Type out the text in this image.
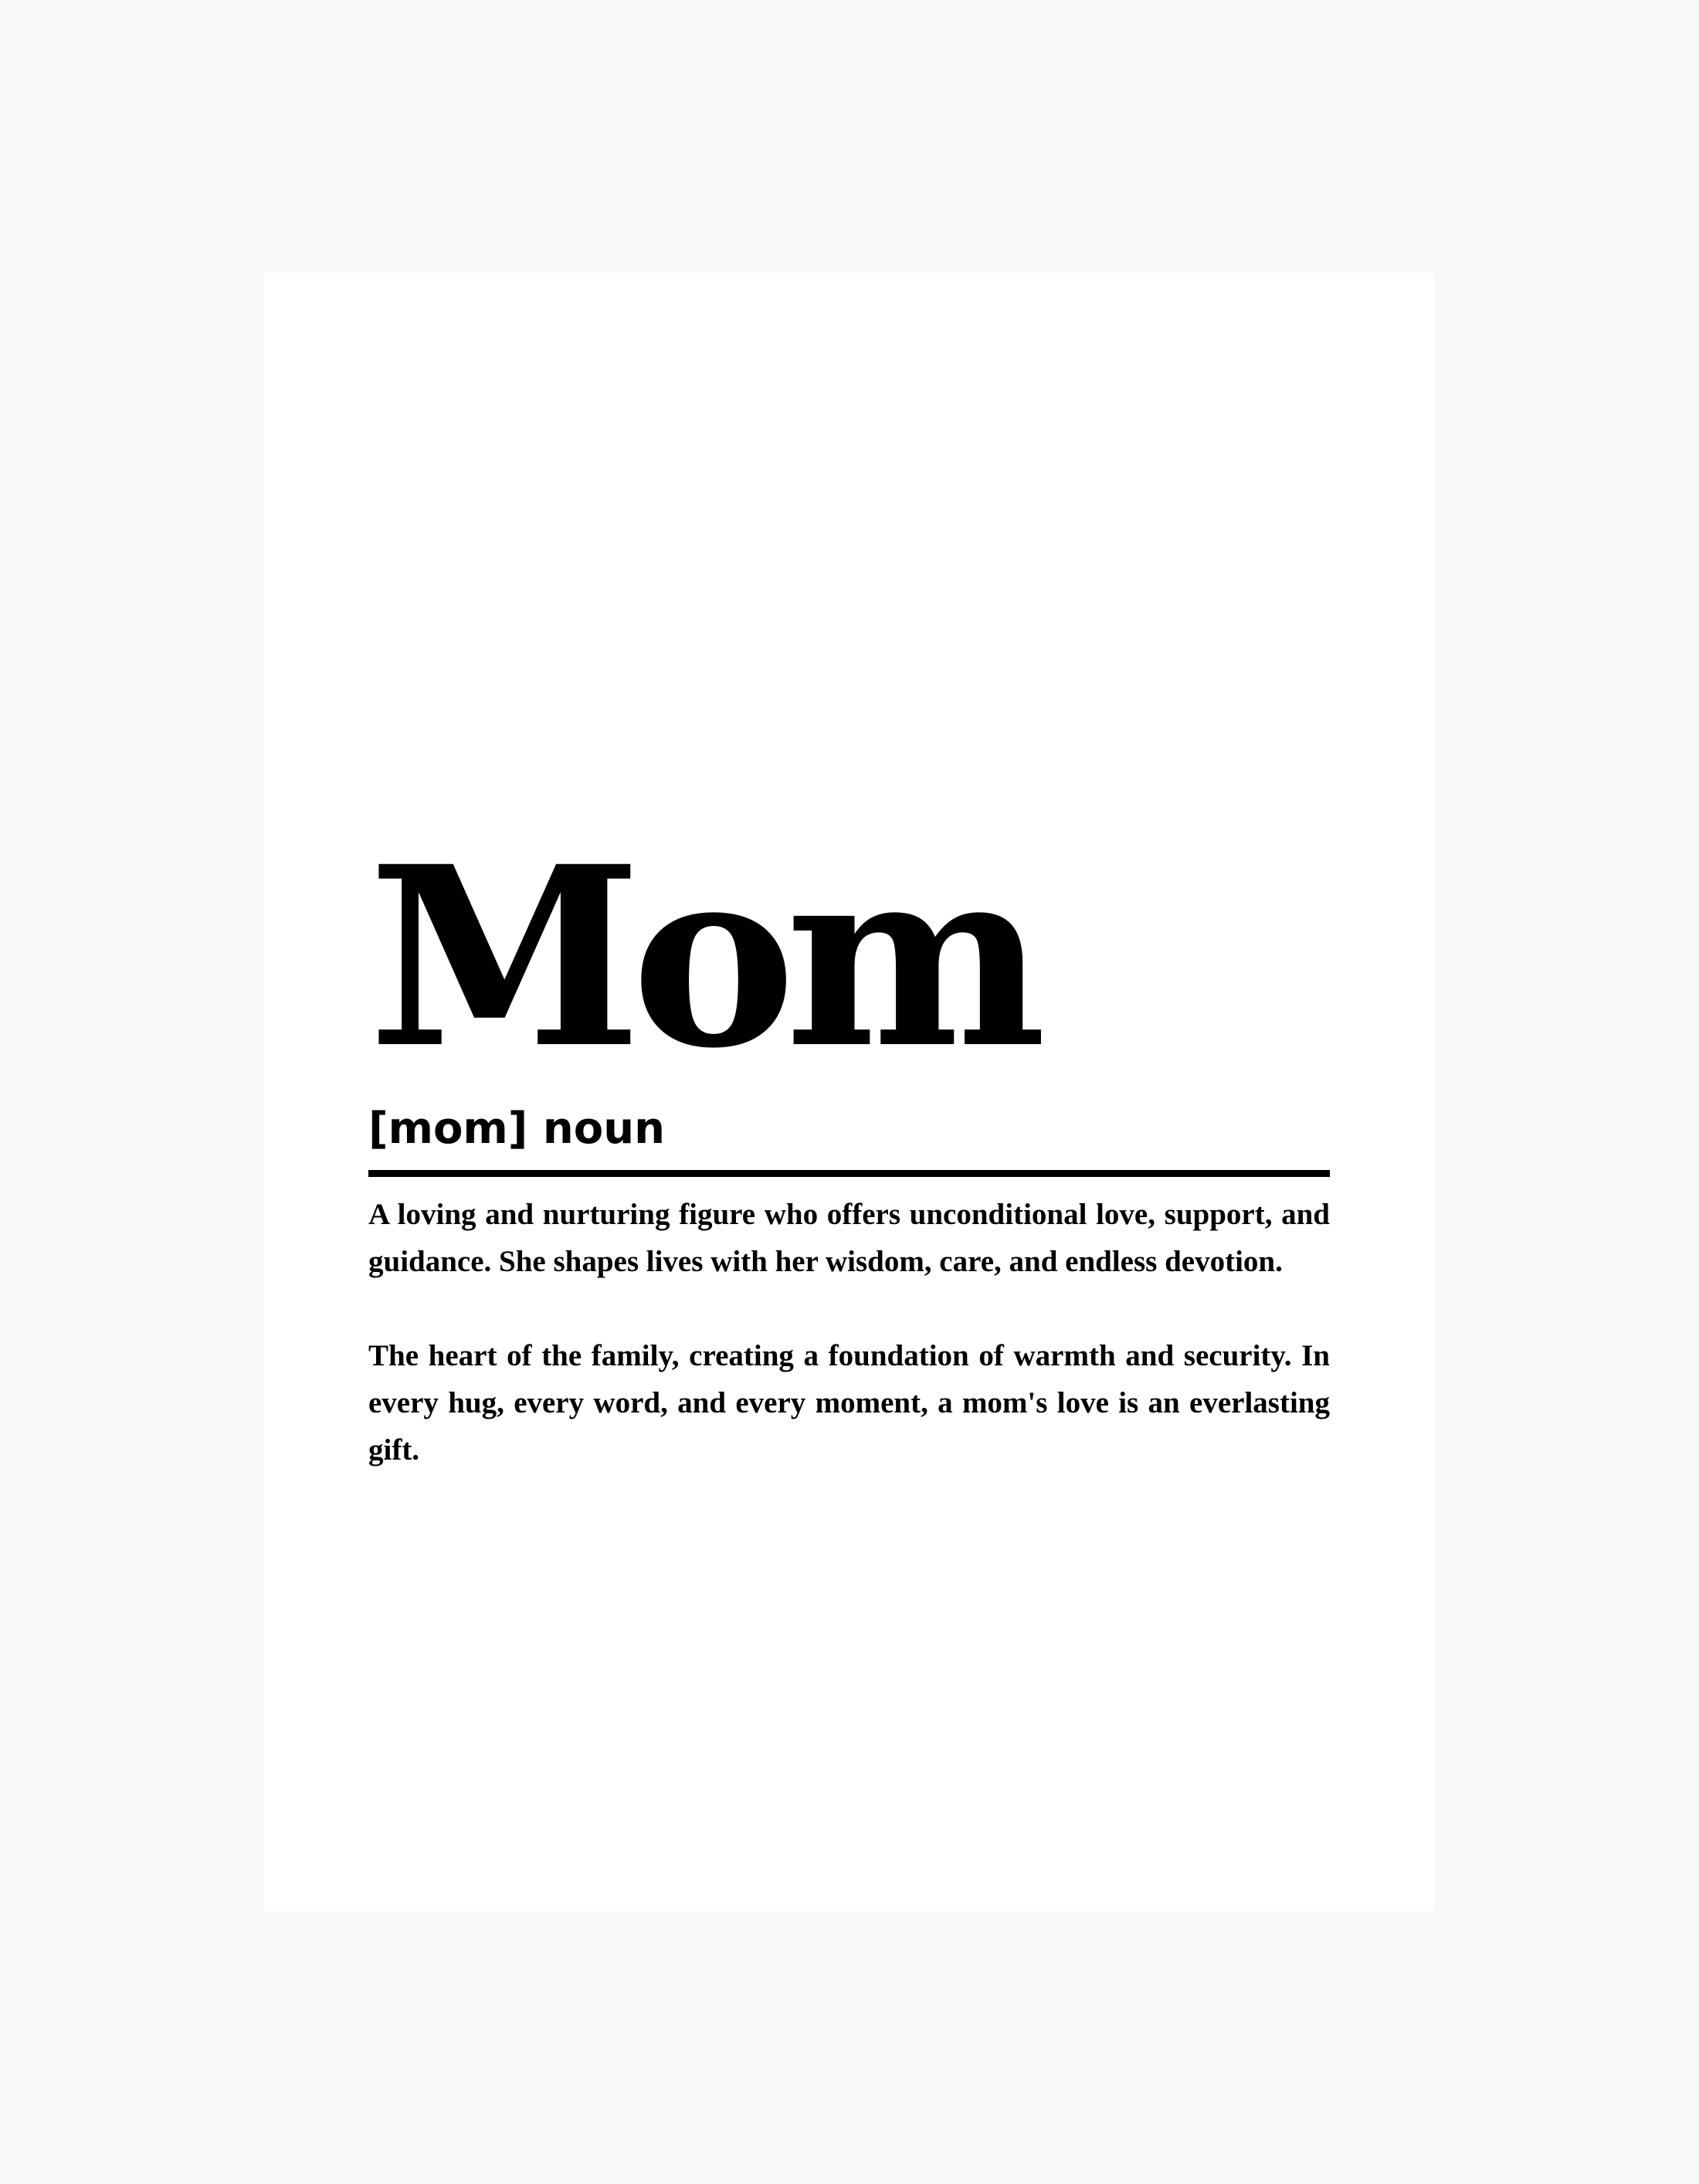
Mom
[mom] noun

A loving and nurturing figure who offers unconditional love, support, and guidance. She shapes lives with her wisdom, care, and endless devotion.

The heart of the family, creating a foundation of warmth and security. In every hug, every word, and every moment, a mom's love is an everlasting gift.
